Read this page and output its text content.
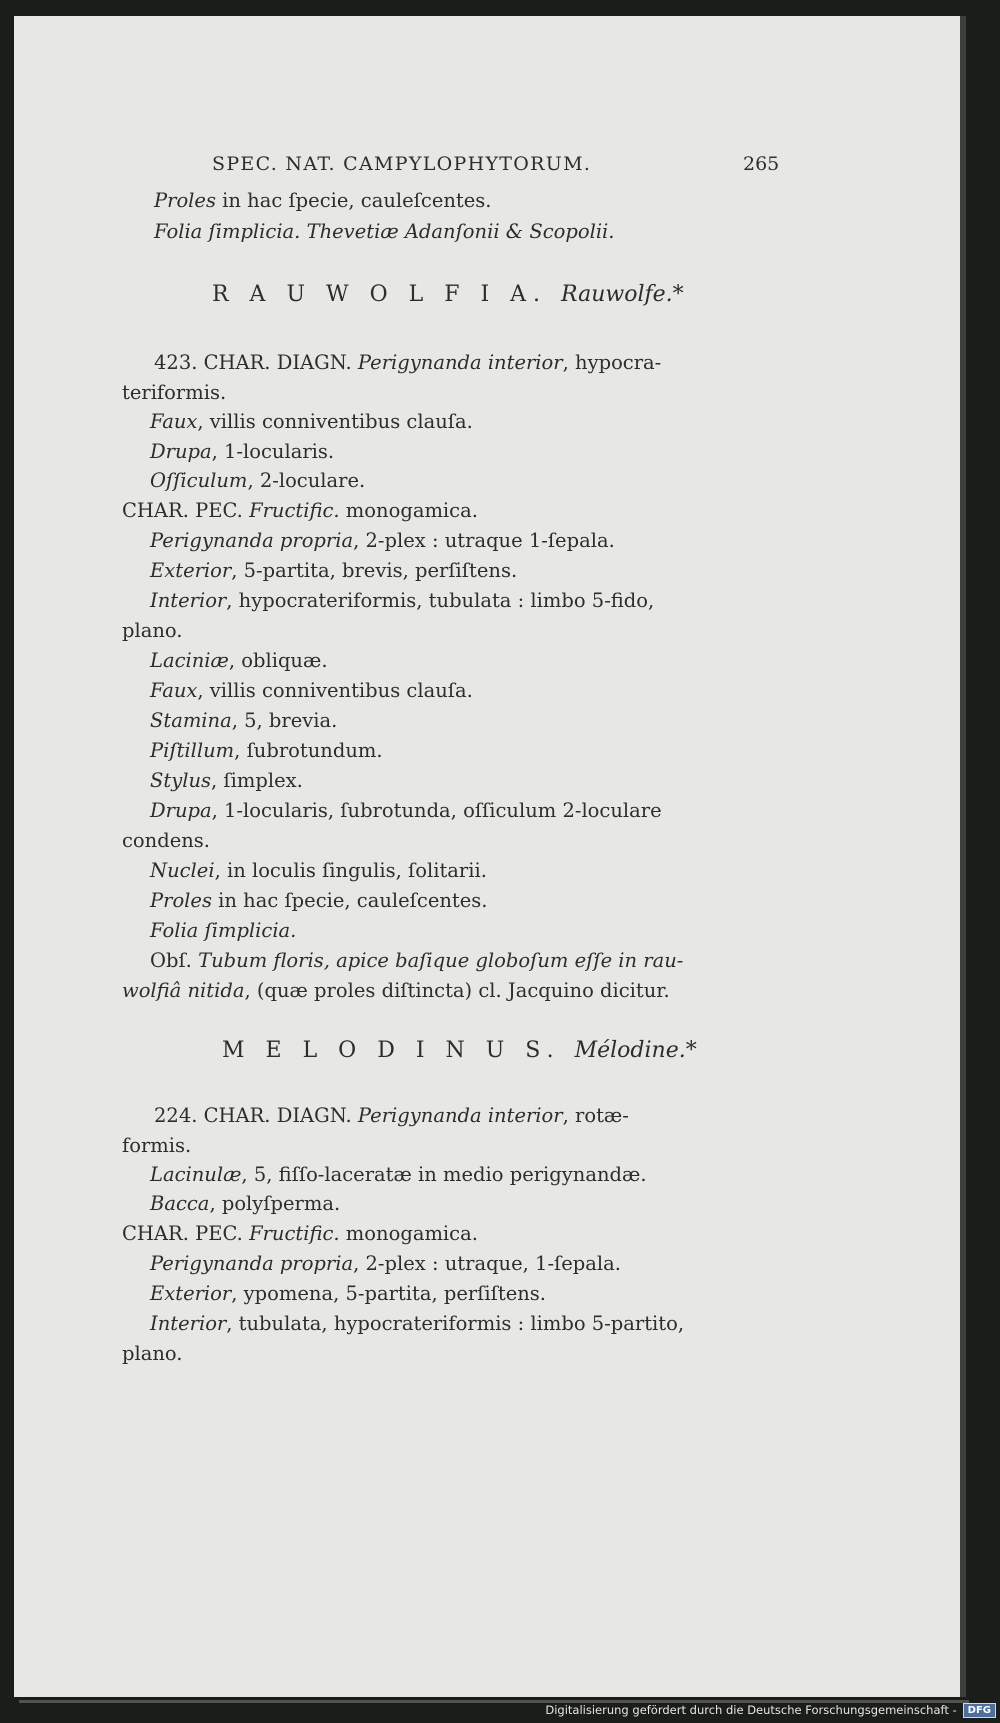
SPEC. NAT. CAMPYLOPHYTORUM.	265
Proles in hac ſpecie, cauleſcentes.
Folia ſimplicia. Thevetiæ Adanſonii & Scopolii.
R A U W O L F I A. Rauwolfe.*
423. CHAR. DIAGN. Perigynanda interior, hypocra-
teriformis.
Faux, villis conniventibus clauſa.
Drupa, 1-locularis.
Oſſiculum, 2-loculare.
CHAR. PEC. Fructific. monogamica.
Perigynanda propria, 2-plex : utraque 1-ſepala.
Exterior, 5-partita, brevis, perſiſtens.
Interior, hypocrateriformis, tubulata : limbo 5-fido,
plano.
Laciniæ, obliquæ.
Faux, villis conniventibus clauſa.
Stamina, 5, brevia.
Piſtillum, ſubrotundum.
Stylus, ſimplex.
Drupa, 1-locularis, ſubrotunda, oſſiculum 2-loculare
condens.
Nuclei, in loculis ſingulis, ſolitarii.
Proles in hac ſpecie, cauleſcentes.
Folia ſimplicia.
Obſ. Tubum floris, apice baſique globoſum eſſe in rau-
wolfiâ nitida, (quæ proles diſtincta) cl. Jacquino dicitur.
M E L O D I N U S. Mélodine.*
224. CHAR. DIAGN. Perigynanda interior, rotæ-
formis.
Lacinulæ, 5, fiſſo-laceratæ in medio perigynandæ.
Bacca, polyſperma.
CHAR. PEC. Fructific. monogamica.
Perigynanda propria, 2-plex : utraque, 1-ſepala.
Exterior, ypomena, 5-partita, perſiſtens.
Interior, tubulata, hypocrateriformis : limbo 5-partito,
plano.
Digitalisierung gefördert durch die Deutsche Forschungsgemeinschaft -	DFG
